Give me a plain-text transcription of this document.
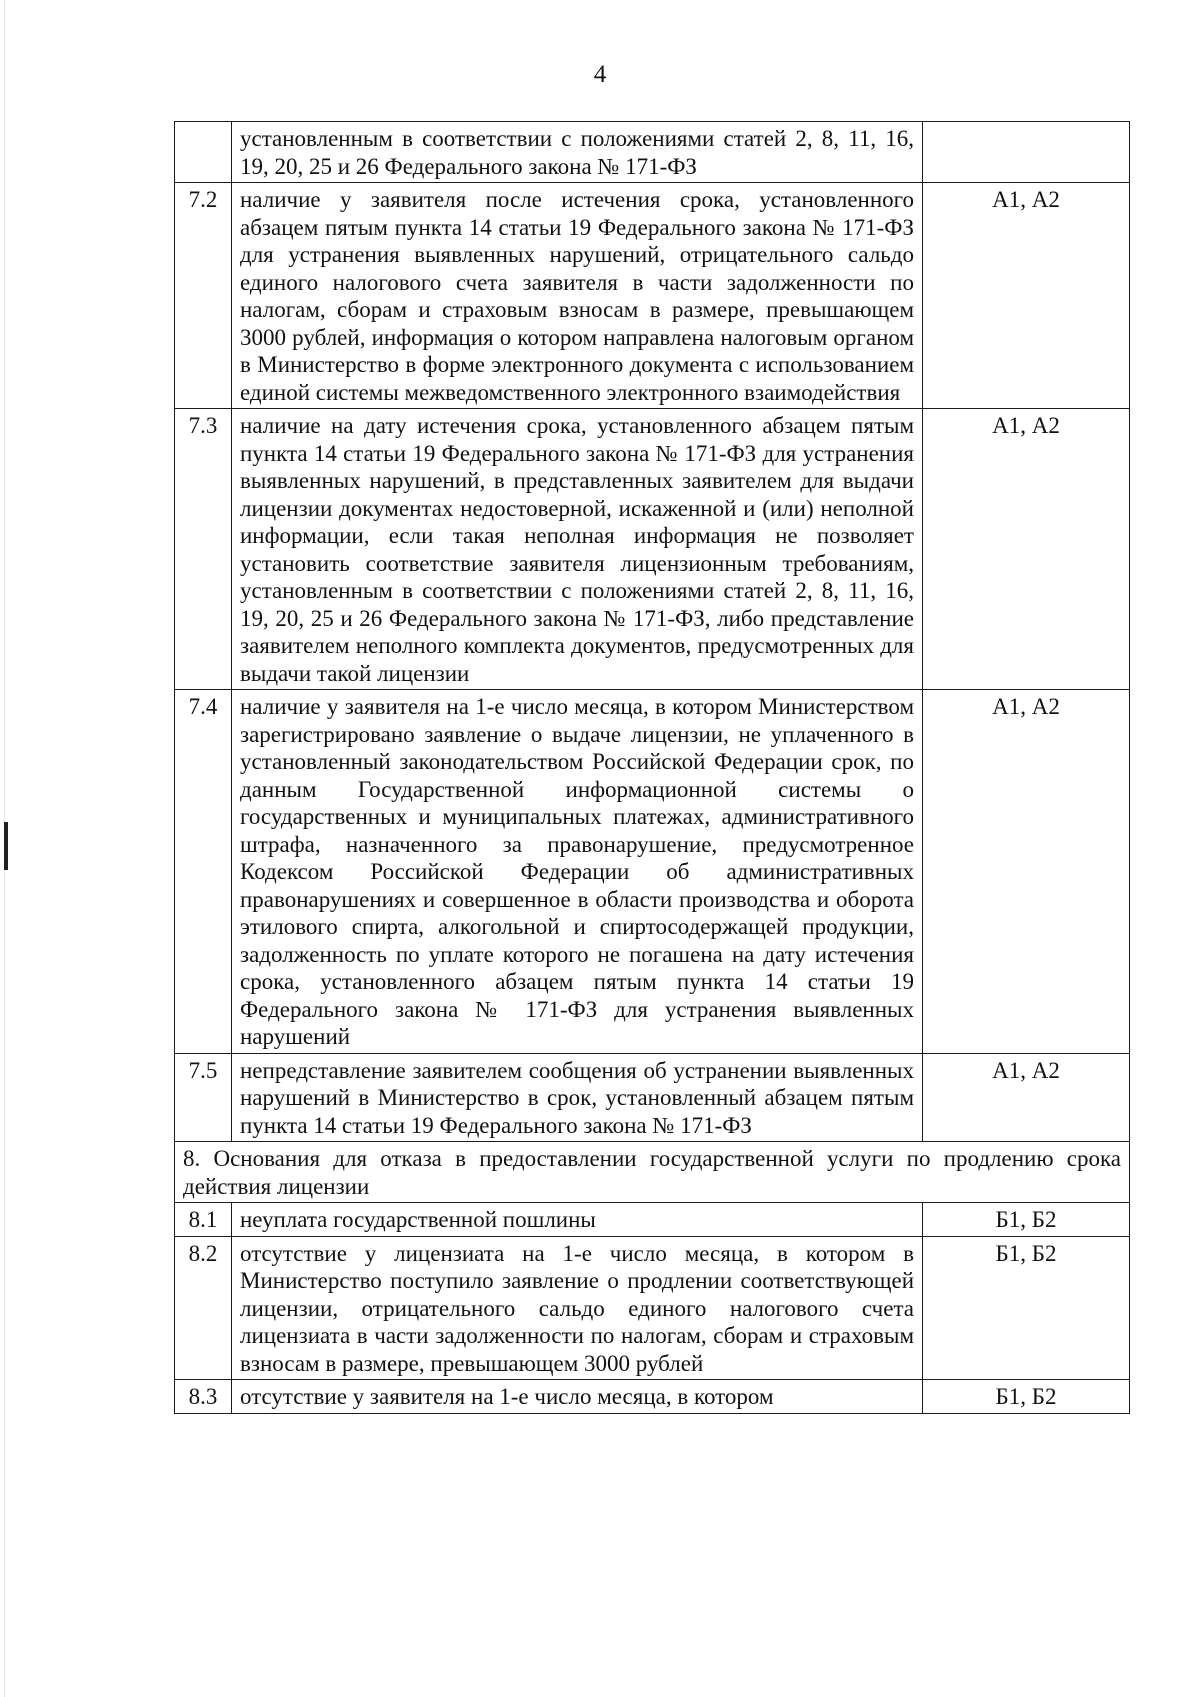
4
	установленным в соответствии с положениями статей 2, 8, 11, 16, 19, 20, 25 и 26 Федерального закона № 171-ФЗ	
7.2	наличие у заявителя после истечения срока, установленного абзацем пятым пункта 14 статьи 19 Федерального закона № 171-ФЗ для устранения выявленных нарушений, отрицательного сальдо единого налогового счета заявителя в части задолженности по налогам, сборам и страховым взносам в размере, превышающем 3000 рублей, информация о котором направлена налоговым органом в Министерство в форме электронного документа с использованием единой системы межведомственного электронного взаимодействия	А1, А2
7.3	наличие на дату истечения срока, установленного абзацем пятым пункта 14 статьи 19 Федерального закона № 171-ФЗ для устранения выявленных нарушений, в представленных заявителем для выдачи лицензии документах недостоверной, искаженной и (или) неполной информации, если такая неполная информация не позволяет установить соответствие заявителя лицензионным требованиям, установленным в соответствии с положениями статей 2, 8, 11, 16, 19, 20, 25 и 26 Федерального закона № 171-ФЗ, либо представление заявителем неполного комплекта документов, предусмотренных для выдачи такой лицензии	А1, А2
7.4	наличие у заявителя на 1-е число месяца, в котором Министерством зарегистрировано заявление о выдаче лицензии, не уплаченного в установленный законодательством Российской Федерации срок, по данным Государственной информационной системы о государственных и муниципальных платежах, административного штрафа, назначенного за правонарушение, предусмотренное Кодексом Российской Федерации об административных правонарушениях и совершенное в области производства и оборота этилового спирта, алкогольной и спиртосодержащей продукции, задолженность по уплате которого не погашена на дату истечения срока, установленного абзацем пятым пункта 14 статьи 19 Федерального закона № 171-ФЗ для устранения выявленных нарушений	А1, А2
7.5	непредставление заявителем сообщения об устранении выявленных нарушений в Министерство в срок, установленный абзацем пятым пункта 14 статьи 19 Федерального закона № 171-ФЗ	А1, А2
8. Основания для отказа в предоставлении государственной услуги по продлению срока действия лицензии		
8.1	неуплата государственной пошлины	Б1, Б2
8.2	отсутствие у лицензиата на 1-е число месяца, в котором в Министерство поступило заявление о продлении соответствующей лицензии, отрицательного сальдо единого налогового счета лицензиата в части задолженности по налогам, сборам и страховым взносам в размере, превышающем 3000 рублей	Б1, Б2
8.3	отсутствие у заявителя на 1-е число месяца, в котором	Б1, Б2
